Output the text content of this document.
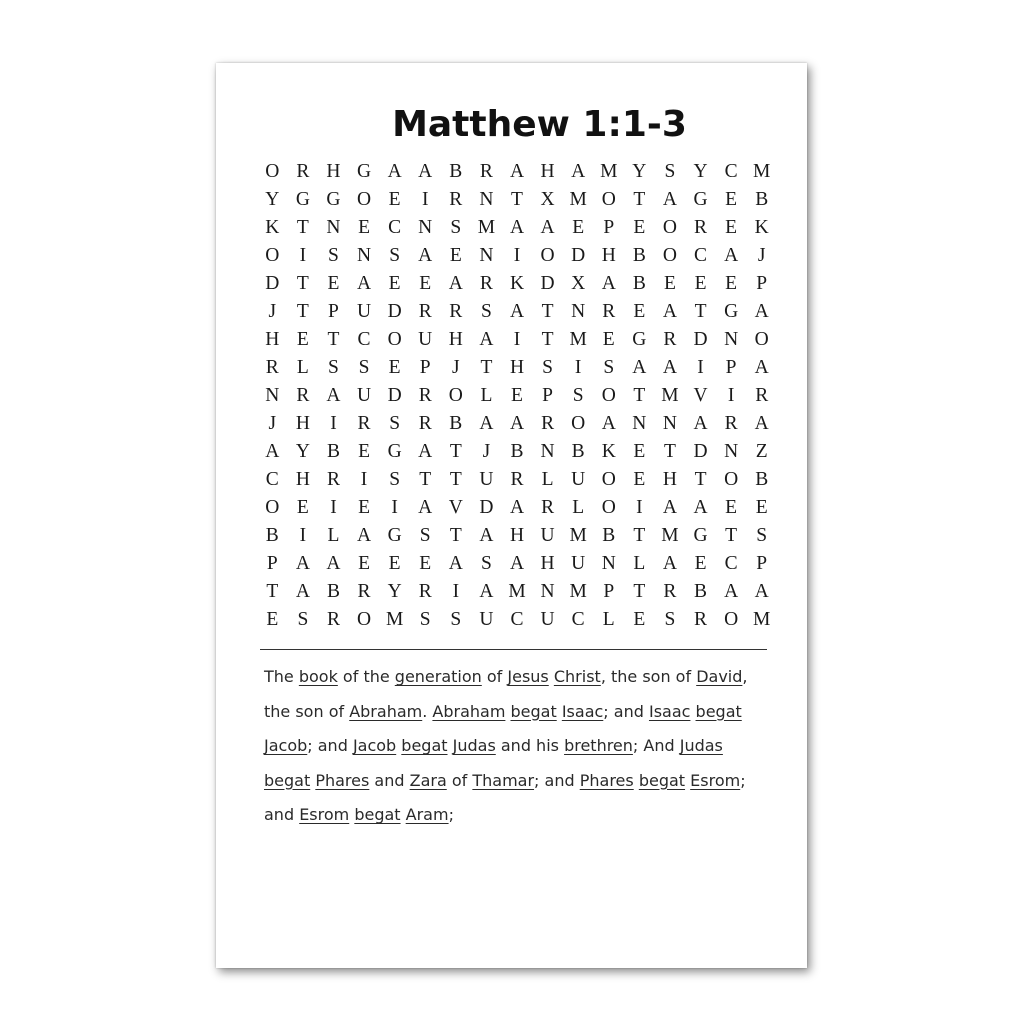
Matthew 1:1-3
O R H G A A B R A H A M Y S Y C M
Y G G O E	I	R N T X M O T A G E B
K T N E C N S M A A E P E O R E K
O	I	S N S A E N	I	O D H B O C A	J
D T E A E E A R K D X A B E E E P
J	T P U D R R S A T N R E A T G A
H E T C O U H A	I	T M E G R D N O
R L S	S E P	J	T H S	I	S A A	I	P A
N R A U D R O L E P	S O T M V	I	R
J	H	I	R S R B A A R O A N N A R A
A Y B E G A T	J	B N B K E T D N Z
C H R	I	S T T U R L U O E H T O B
O E	I	E	I	A V D A R L O	I	A A E E
B	I	L A G S T A H U M B T M G T S
P A A E E E A S A H U N L A E C P
T A B R Y R	I	A M N M P T R B A A
E S R O M S	S U C U C L E S R O M
The book of the generation of Jesus Christ, the son of David, the son of Abraham. Abraham begat Isaac; and Isaac begat Jacob; and Jacob begat Judas and his brethren; And Judas begat Phares and Zara of Thamar; and Phares begat Esrom; and Esrom begat Aram;
